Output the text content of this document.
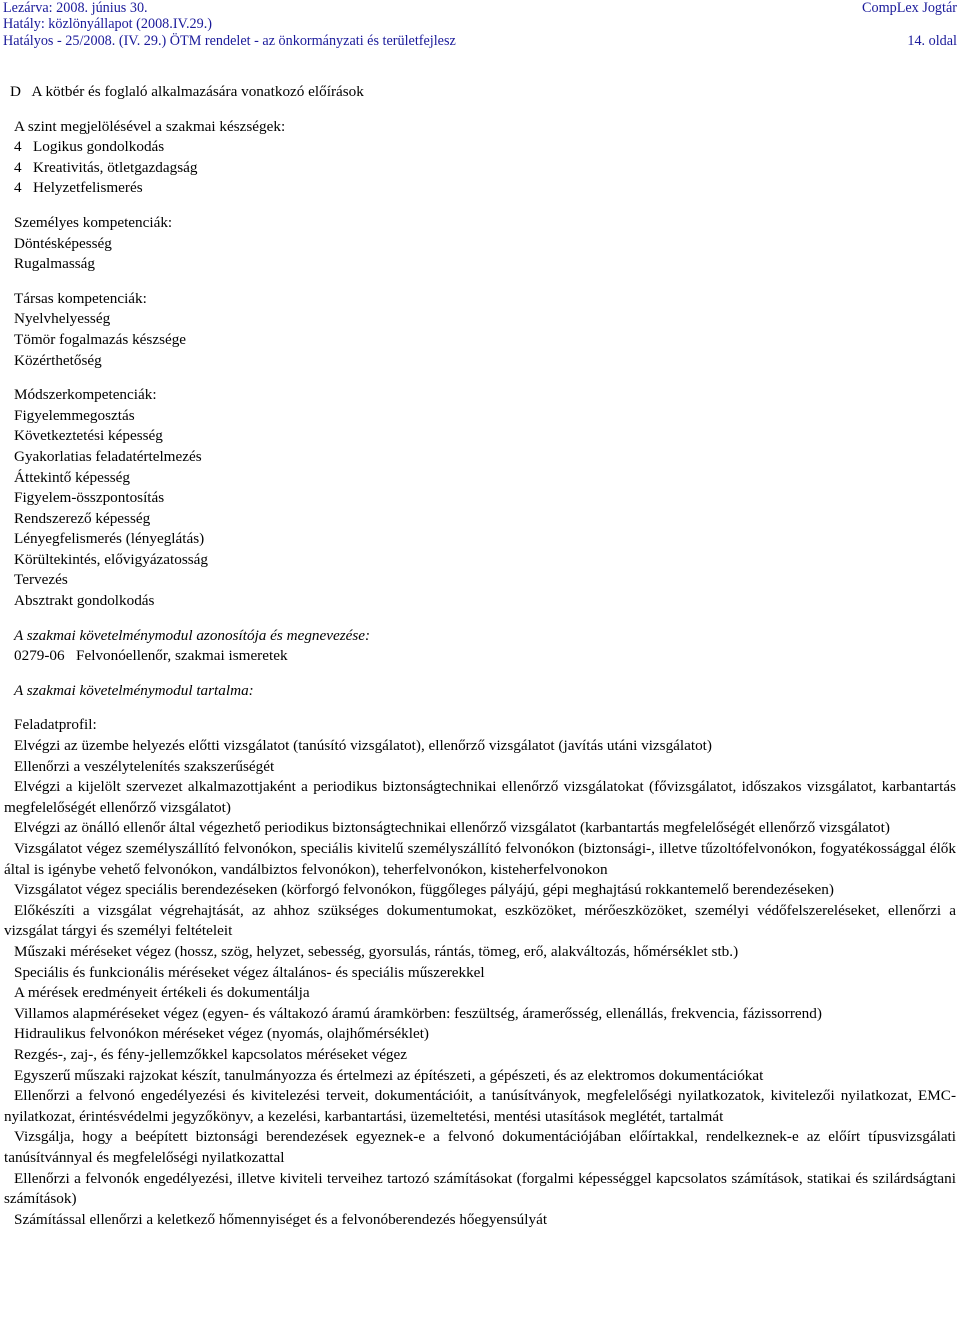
Lezárva: 2008. június 30.
Hatály: közlönyállapot (2008.IV.29.)
Hatályos - 25/2008. (IV. 29.) ÖTM rendelet - az önkormányzati és területfejlesz
CompLex Jogtár
14. oldal
D   A kötbér és foglaló alkalmazására vonatkozó előírások
A szint megjelölésével a szakmai készségek:
4   Logikus gondolkodás
4   Kreativitás, ötletgazdagság
4   Helyzetfelismerés
Személyes kompetenciák:
Döntésképesség
Rugalmasság
Társas kompetenciák:
Nyelvhelyesség
Tömör fogalmazás készsége
Közérthetőség
Módszerkompetenciák:
Figyelemmegosztás
Következtetési képesség
Gyakorlatias feladatértelmezés
Áttekintő képesség
Figyelem-összpontosítás
Rendszerező képesség
Lényegfelismerés (lényeglátás)
Körültekintés, elővigyázatosság
Tervezés
Absztrakt gondolkodás
A szakmai követelménymodul azonosítója és megnevezése:
0279-06   Felvonóellenőr, szakmai ismeretek
A szakmai követelménymodul tartalma:
Feladatprofil:

Elvégzi az üzembe helyezés előtti vizsgálatot (tanúsító vizsgálatot), ellenőrző vizsgálatot (javítás utáni vizsgálatot)

Ellenőrzi a veszélytelenítés szakszerűségét

Elvégzi a kijelölt szervezet alkalmazottjaként a periodikus biztonságtechnikai ellenőrző vizsgálatokat (fővizsgálatot, időszakos vizsgálatot, karbantartás megfelelőségét ellenőrző vizsgálatot)

Elvégzi az önálló ellenőr által végezhető periodikus biztonságtechnikai ellenőrző vizsgálatot (karbantartás megfelelőségét ellenőrző vizsgálatot)

Vizsgálatot végez személyszállító felvonókon, speciális kivitelű személyszállító felvonókon (biztonsági-, illetve tűzoltófelvonókon, fogyatékossággal élők által is igénybe vehető felvonókon, vandálbiztos felvonókon), teherfelvonókon, kisteherfelvonokon

Vizsgálatot végez speciális berendezéseken (körforgó felvonókon, függőleges pályájú, gépi meghajtású rokkantemelő berendezéseken)

Előkészíti a vizsgálat végrehajtását, az ahhoz szükséges dokumentumokat, eszközöket, mérőeszközöket, személyi védőfelszereléseket, ellenőrzi a vizsgálat tárgyi és személyi feltételeit

Műszaki méréseket végez (hossz, szög, helyzet, sebesség, gyorsulás, rántás, tömeg, erő, alakváltozás, hőmérséklet stb.)

Speciális és funkcionális méréseket végez általános- és speciális műszerekkel

A mérések eredményeit értékeli és dokumentálja

Villamos alapméréseket végez (egyen- és váltakozó áramú áramkörben: feszültség, áramerősség, ellenállás, frekvencia, fázissorrend)

Hidraulikus felvonókon méréseket végez (nyomás, olajhőmérséklet)

Rezgés-, zaj-, és fény-jellemzőkkel kapcsolatos méréseket végez

Egyszerű műszaki rajzokat készít, tanulmányozza és értelmezi az építészeti, a gépészeti, és az elektromos dokumentációkat

Ellenőrzi a felvonó engedélyezési és kivitelezési terveit, dokumentációit, a tanúsítványok, megfelelőségi nyilatkozatok, kivitelezői nyilatkozat, EMC-nyilatkozat, érintésvédelmi jegyzőkönyv, a kezelési, karbantartási, üzemeltetési, mentési utasítások meglétét, tartalmát

Vizsgálja, hogy a beépített biztonsági berendezések egyeznek-e a felvonó dokumentációjában előírtakkal, rendelkeznek-e az előírt típusvizsgálati tanúsítvánnyal és megfelelőségi nyilatkozattal

Ellenőrzi a felvonók engedélyezési, illetve kiviteli terveihez tartozó számításokat (forgalmi képességgel kapcsolatos számítások, statikai és szilárdságtani számítások)

Számítással ellenőrzi a keletkező hőmennyiséget és a felvonóberendezés hőegyensúlyát
